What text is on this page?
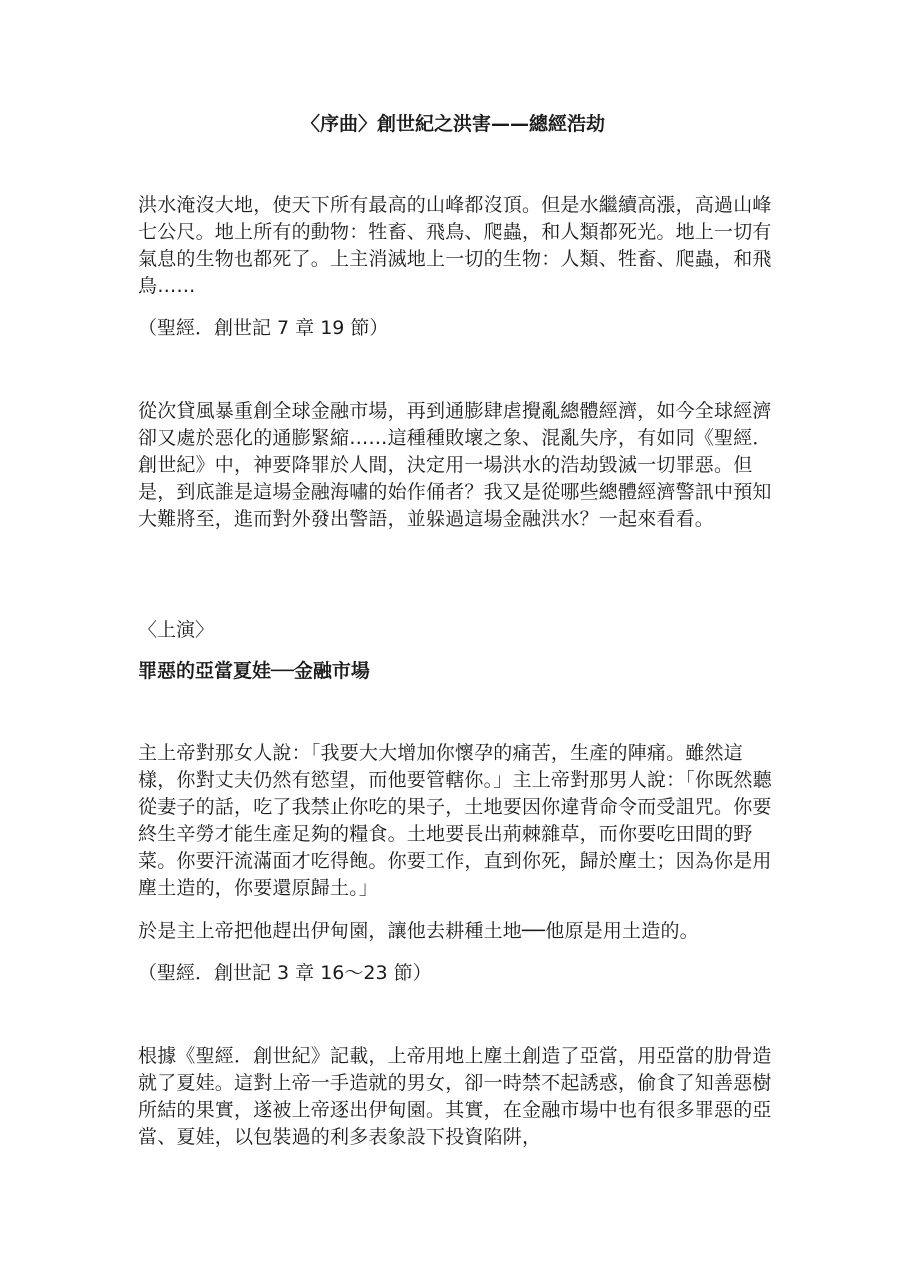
〈序曲〉創世紀之洪害——總經浩劫

洪水淹沒大地，使天下所有最高的山峰都沒頂。但是水繼續高漲，高過山峰七公尺。地上所有的動物：牲畜、飛鳥、爬蟲，和人類都死光。地上一切有氣息的生物也都死了。上主消滅地上一切的生物：人類、牲畜、爬蟲，和飛鳥……

（聖經．創世記 7 章 19 節）

從次貸風暴重創全球金融市場，再到通膨肆虐攪亂總體經濟，如今全球經濟卻又處於惡化的通膨緊縮……這種種敗壞之象、混亂失序，有如同《聖經．創世紀》中，神要降罪於人間，決定用一場洪水的浩劫毀滅一切罪惡。但是，到底誰是這場金融海嘯的始作俑者？我又是從哪些總體經濟警訊中預知大難將至，進而對外發出警語，並躲過這場金融洪水？一起來看看。

〈上演〉

罪惡的亞當夏娃──金融市場

主上帝對那女人說：「我要大大增加你懷孕的痛苦，生產的陣痛。雖然這樣，你對丈夫仍然有慾望，而他要管轄你。」主上帝對那男人說：「你既然聽從妻子的話，吃了我禁止你吃的果子，土地要因你違背命令而受詛咒。你要終生辛勞才能生產足夠的糧食。土地要長出荊棘雜草，而你要吃田間的野菜。你要汗流滿面才吃得飽。你要工作，直到你死，歸於塵土；因為你是用塵土造的，你要還原歸土。」

於是主上帝把他趕出伊甸園，讓他去耕種土地──他原是用土造的。

（聖經．創世記 3 章 16～23 節）

根據《聖經．創世紀》記載，上帝用地上塵土創造了亞當，用亞當的肋骨造就了夏娃。這對上帝一手造就的男女，卻一時禁不起誘惑，偷食了知善惡樹所結的果實，遂被上帝逐出伊甸園。其實，在金融市場中也有很多罪惡的亞當、夏娃，以包裝過的利多表象設下投資陷阱，
